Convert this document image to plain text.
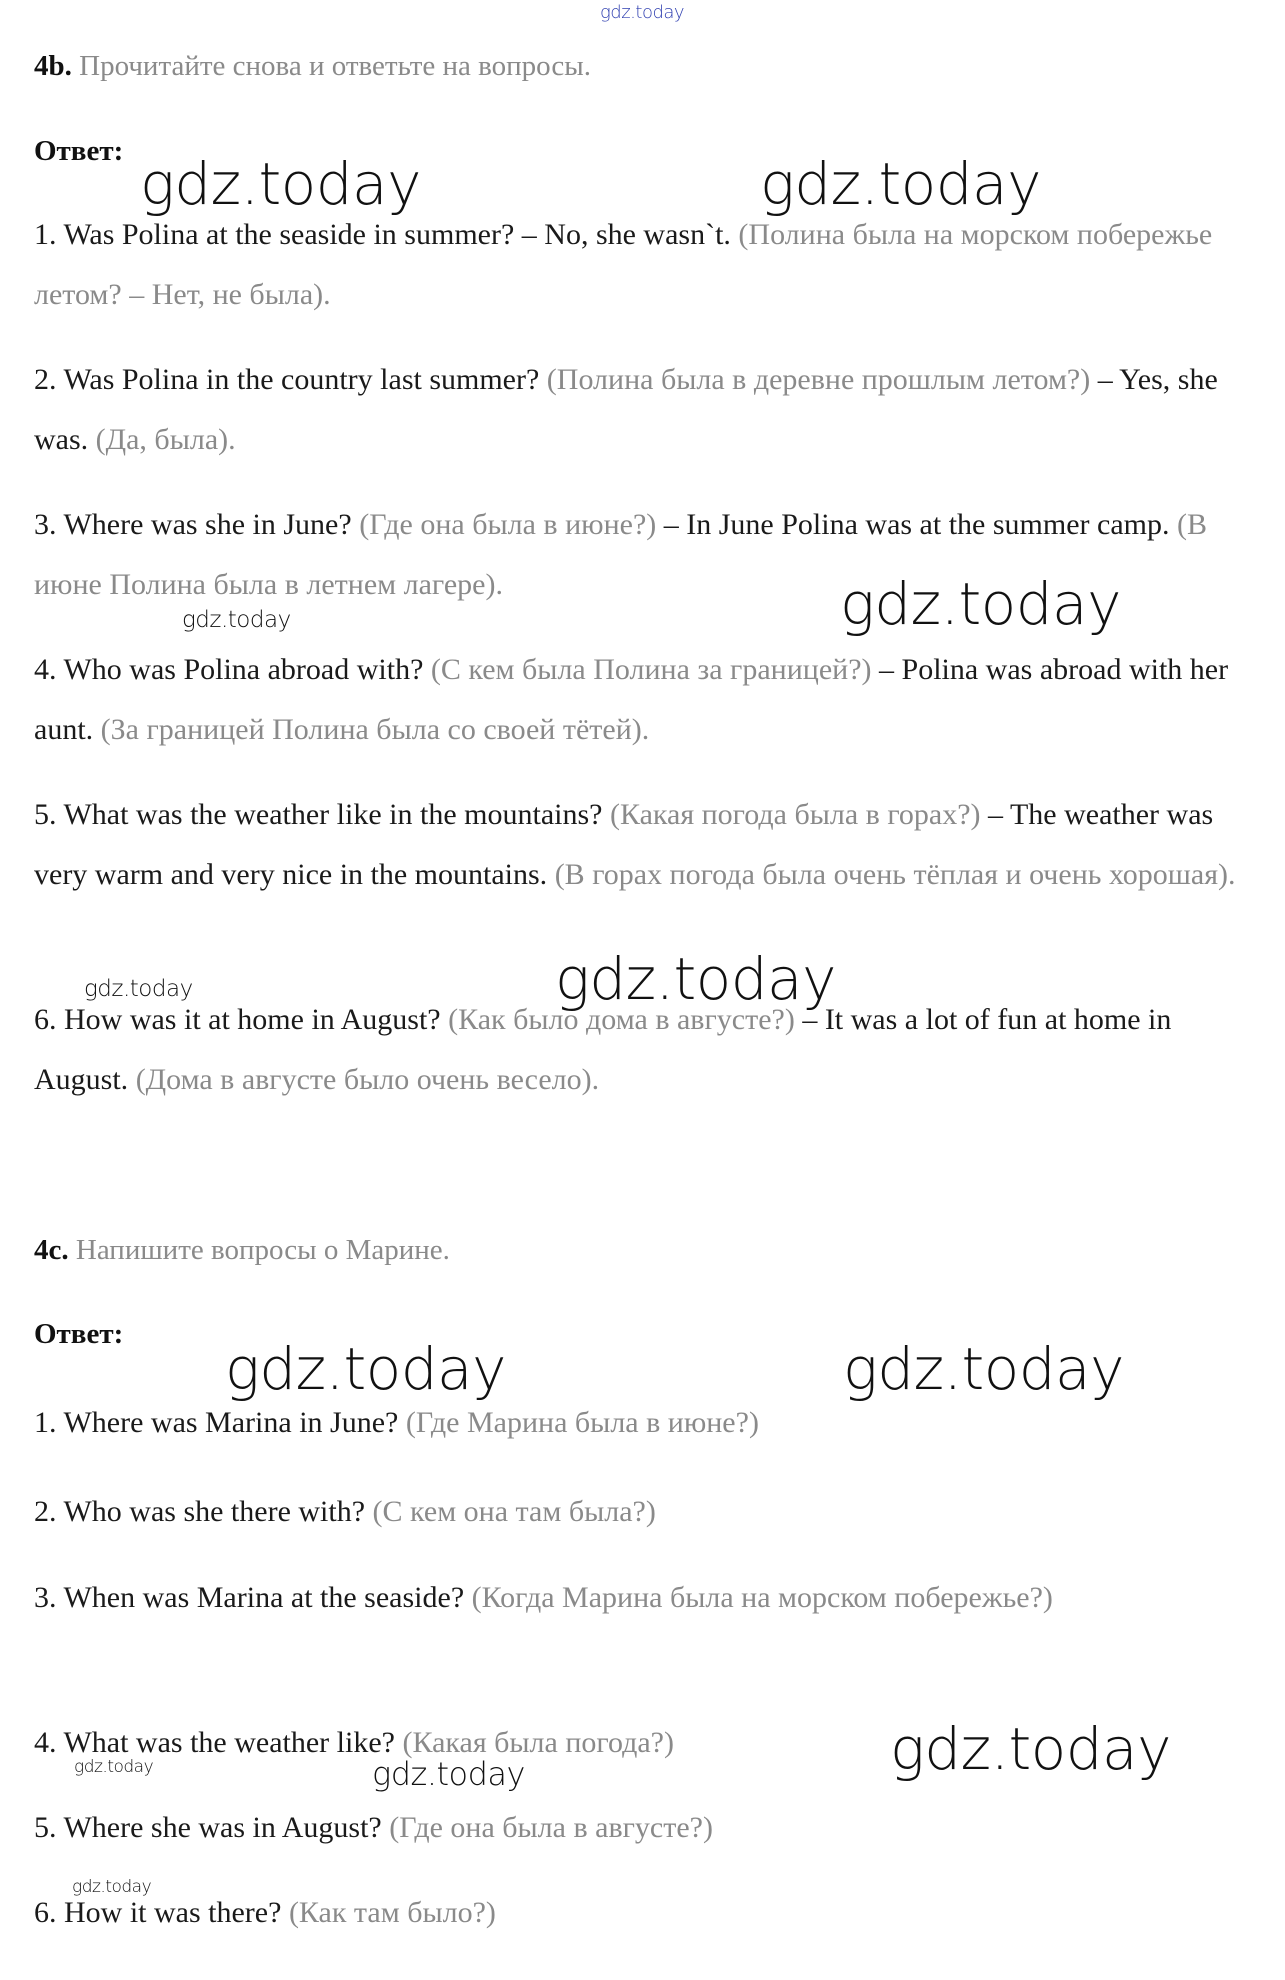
gdz.today
gdz.today	gdz.today
gdz.today
gdz.today
gdz.today
gdz.today
gdz.today	gdz.today
gdz.today
gdz.today
gdz.today
gdz.today
4b. Прочитайте снова и ответьте на вопросы.
Ответ:
1. Was Polina at the seaside in summer? – No, she wasn`t. (Полина была на морском побережье летом? – Нет, не была).
2. Was Polina in the country last summer? (Полина была в деревне прошлым летом?) – Yes, she was. (Да, была).
3. Where was she in June? (Где она была в июне?) – In June Polina was at the summer camp. (В июне Полина была в летнем лагере).
4. Who was Polina abroad with? (С кем была Полина за границей?) – Polina was abroad with her aunt. (За границей Полина была со своей тётей).
5. What was the weather like in the mountains? (Какая погода была в горах?) – The weather was very warm and very nice in the mountains. (В горах погода была очень тёплая и очень хорошая).
6. How was it at home in August? (Как было дома в августе?) – It was a lot of fun at home in August. (Дома в августе было очень весело).
4c. Напишите вопросы о Марине.
Ответ:
1. Where was Marina in June? (Где Марина была в июне?)
2. Who was she there with? (С кем она там была?)
3. When was Marina at the seaside? (Когда Марина была на морском побережье?)
4. What was the weather like? (Какая была погода?)
5. Where she was in August? (Где она была в августе?)
6. How it was there? (Как там было?)
